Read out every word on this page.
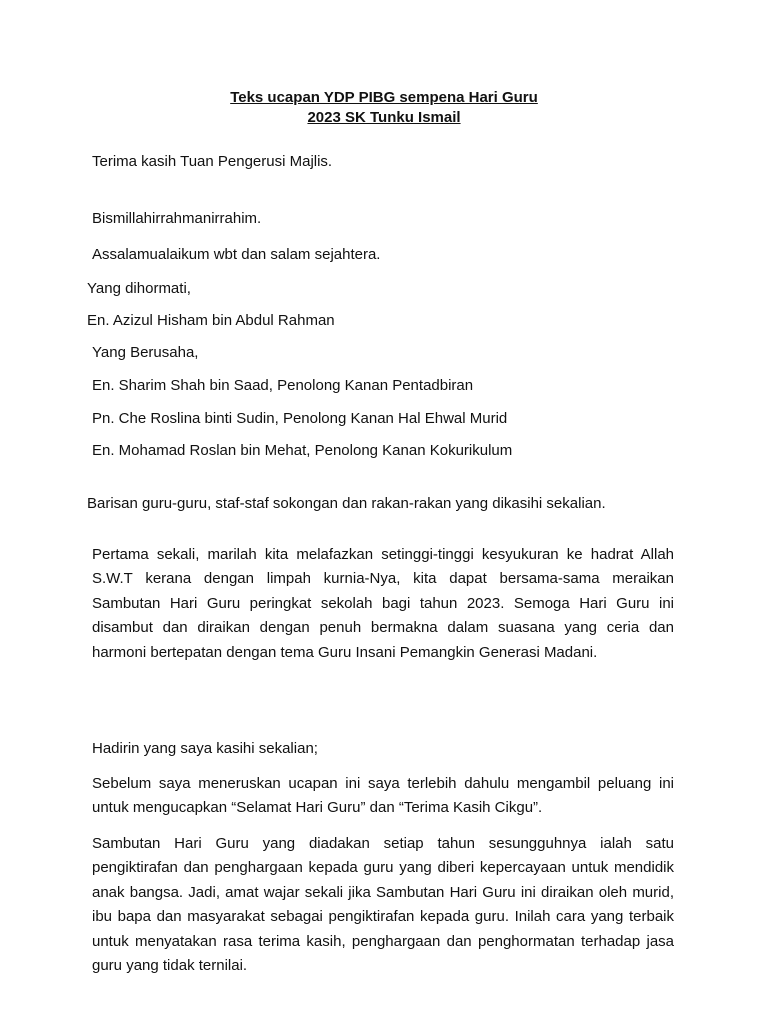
Teks ucapan YDP PIBG sempena Hari Guru
2023 SK Tunku Ismail
Terima kasih Tuan Pengerusi Majlis.
Bismillahirrahmanirrahim.
Assalamualaikum wbt dan salam sejahtera.
Yang dihormati,
En. Azizul Hisham bin Abdul Rahman
Yang Berusaha,
En. Sharim Shah bin Saad, Penolong Kanan Pentadbiran
Pn. Che Roslina binti Sudin, Penolong Kanan Hal Ehwal Murid
En. Mohamad Roslan bin Mehat, Penolong Kanan Kokurikulum
Barisan guru-guru, staf-staf sokongan dan rakan-rakan yang dikasihi sekalian.
Pertama sekali, marilah kita melafazkan setinggi-tinggi kesyukuran ke hadrat Allah S.W.T kerana dengan limpah kurnia-Nya, kita dapat bersama-sama meraikan Sambutan Hari Guru peringkat sekolah bagi tahun 2023. Semoga Hari Guru ini disambut dan diraikan dengan penuh bermakna dalam suasana yang ceria dan harmoni bertepatan dengan tema Guru Insani Pemangkin Generasi Madani.
Hadirin yang saya kasihi sekalian;
Sebelum saya meneruskan ucapan ini saya terlebih dahulu mengambil peluang ini untuk mengucapkan “Selamat Hari Guru” dan “Terima Kasih Cikgu”.
Sambutan Hari Guru yang diadakan setiap tahun sesungguhnya ialah satu pengiktirafan dan penghargaan kepada guru yang diberi kepercayaan untuk mendidik anak bangsa. Jadi, amat wajar sekali jika Sambutan Hari Guru ini diraikan oleh murid, ibu bapa dan masyarakat sebagai pengiktirafan kepada guru. Inilah cara yang terbaik untuk menyatakan rasa terima kasih, penghargaan dan penghormatan terhadap jasa guru yang tidak ternilai.
